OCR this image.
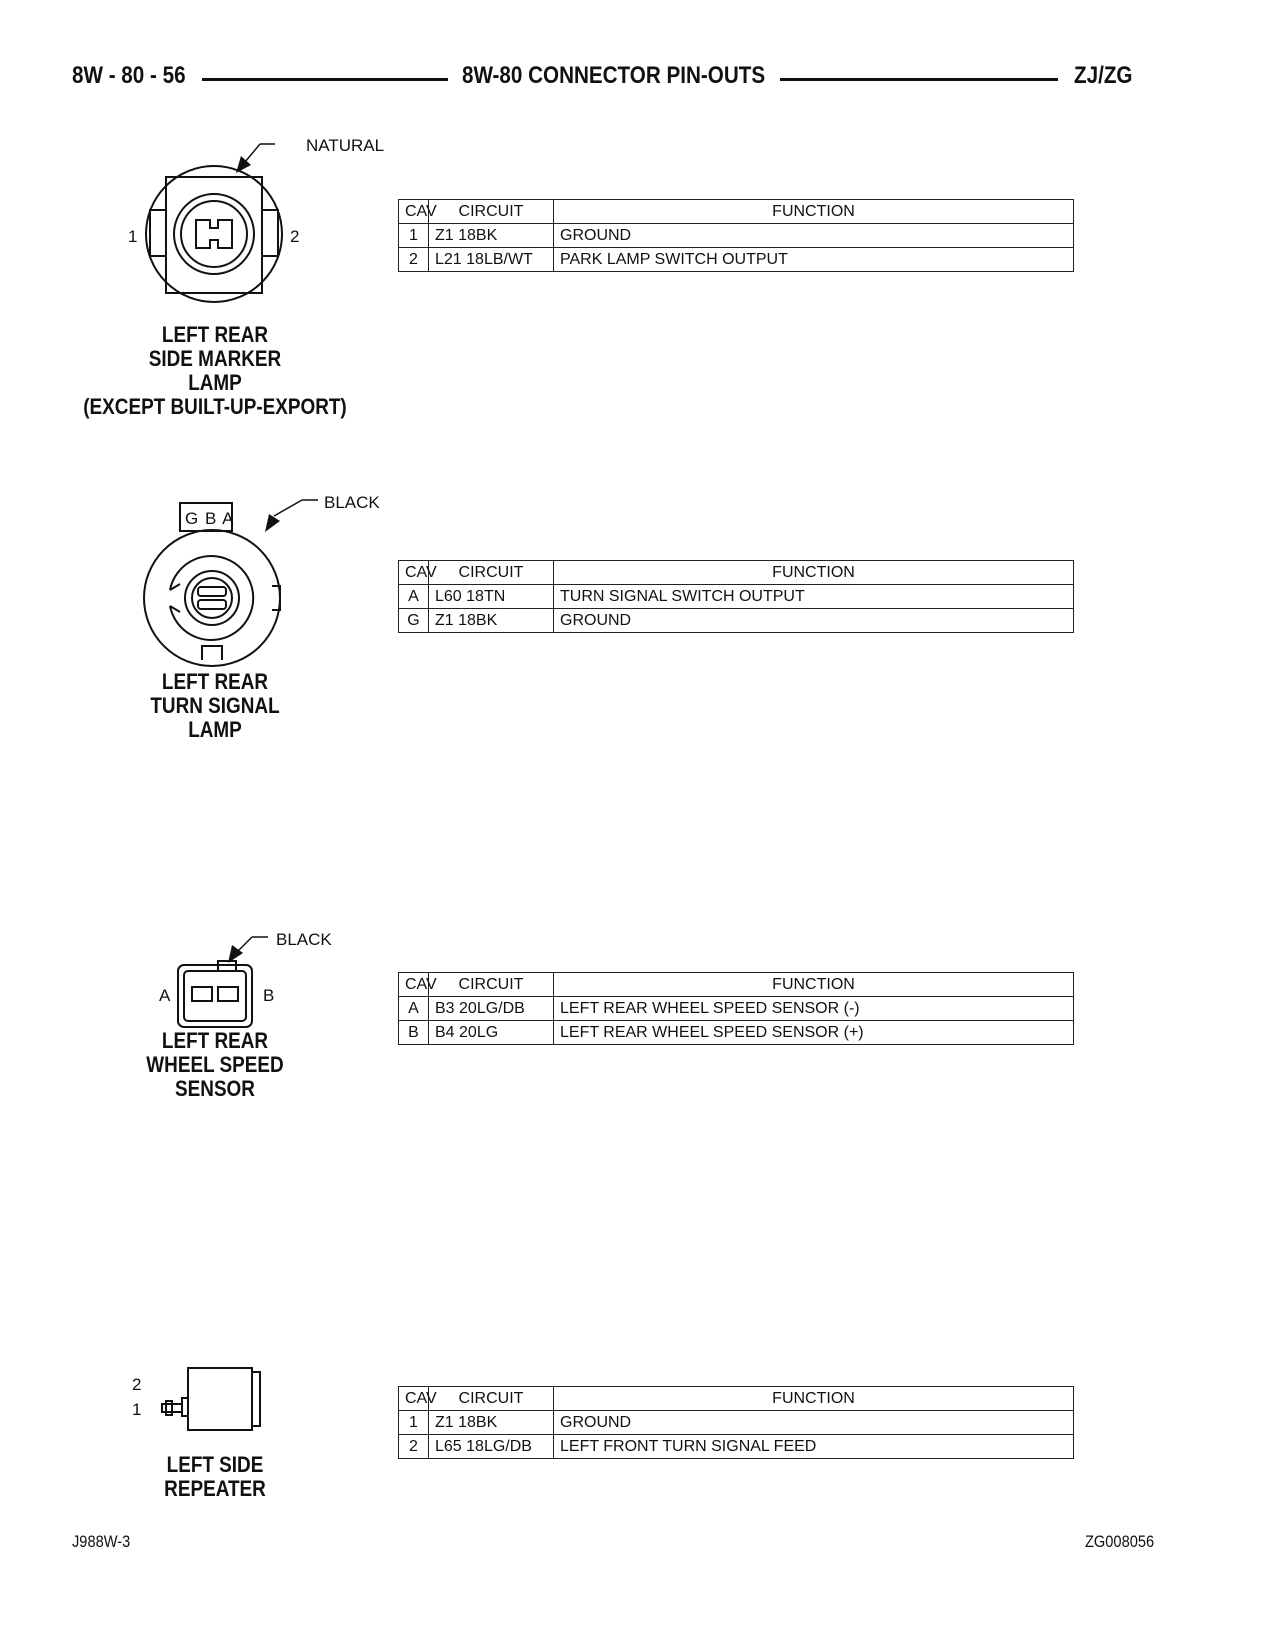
8W - 80 - 56	8W-80 CONNECTOR PIN-OUTS	ZJ/ZG
NATURAL
1	2
LEFT REAR
SIDE MARKER
LAMP
(EXCEPT BUILT-UP-EXPORT)
CAV	CIRCUIT	FUNCTION
1	Z1 18BK	GROUND
2	L21 18LB/WT	PARK LAMP SWITCH OUTPUT
BLACK
G B A
LEFT REAR
TURN SIGNAL
LAMP
CAV	CIRCUIT	FUNCTION
A	L60 18TN	TURN SIGNAL SWITCH OUTPUT
G	Z1 18BK	GROUND
BLACK
A	B
LEFT REAR
WHEEL SPEED
SENSOR
CAV	CIRCUIT	FUNCTION
A	B3 20LG/DB	LEFT REAR WHEEL SPEED SENSOR (-)
B	B4 20LG	LEFT REAR WHEEL SPEED SENSOR (+)
2
1
LEFT SIDE
REPEATER
CAV	CIRCUIT	FUNCTION
1	Z1 18BK	GROUND
2	L65 18LG/DB	LEFT FRONT TURN SIGNAL FEED
J988W-3	ZG008056
